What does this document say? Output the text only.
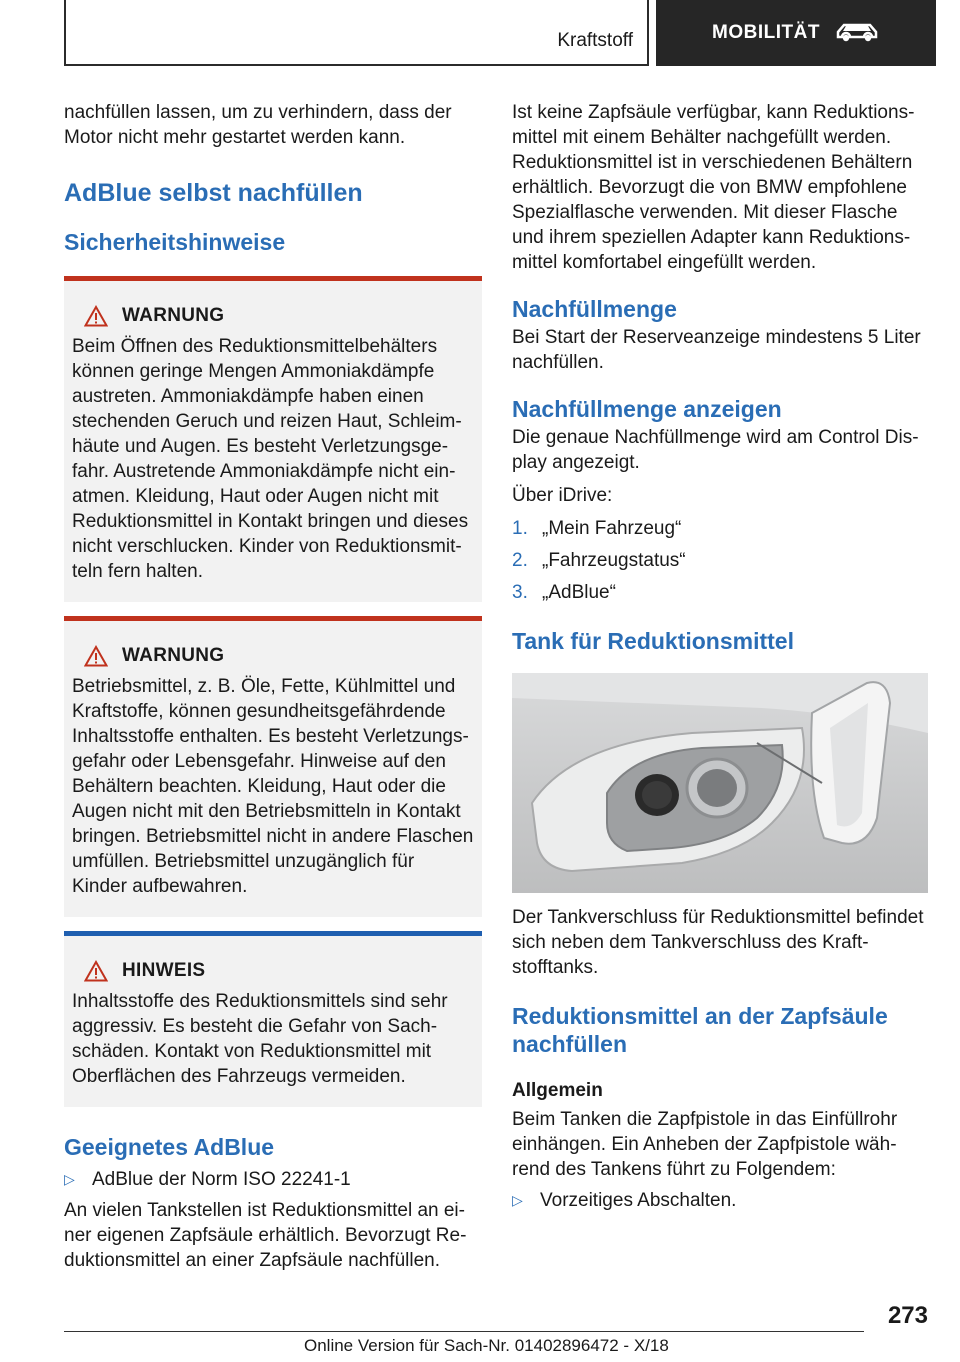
Kraftstoff	MOBILITÄT

nachfüllen lassen, um zu verhindern, dass der Motor nicht mehr gestartet werden kann.

AdBlue selbst nachfüllen
Sicherheitshinweise
WARNUNG

Beim Öffnen des Reduktionsmittelbehälters können geringe Mengen Ammoniakdämpfe austreten. Ammoniakdämpfe haben einen stechenden Geruch und reizen Haut, Schleimhäute und Augen. Es besteht Verletzungsgefahr. Austretende Ammoniakdämpfe nicht einatmen. Kleidung, Haut oder Augen nicht mit Reduktionsmittel in Kontakt bringen und dieses nicht verschlucken. Kinder von Reduktionsmitteln fern halten.

WARNUNG

Betriebsmittel, z. B. Öle, Fette, Kühlmittel und Kraftstoffe, können gesundheitsgefährdende Inhaltsstoffe enthalten. Es besteht Verletzungsgefahr oder Lebensgefahr. Hinweise auf den Behältern beachten. Kleidung, Haut oder die Augen nicht mit den Betriebsmitteln in Kontakt bringen. Betriebsmittel nicht in andere Flaschen umfüllen. Betriebsmittel unzugänglich für Kinder aufbewahren.

HINWEIS

Inhaltsstoffe des Reduktionsmittels sind sehr aggressiv. Es besteht die Gefahr von Sachschäden. Kontakt von Reduktionsmittel mit Oberflächen des Fahrzeugs vermeiden.

Geeignetes AdBlue
▷ AdBlue der Norm ISO 22241-1

An vielen Tankstellen ist Reduktionsmittel an einer eigenen Zapfsäule erhältlich. Bevorzugt Reduktionsmittel an einer Zapfsäule nachfüllen.

Ist keine Zapfsäule verfügbar, kann Reduktionsmittel mit einem Behälter nachgefüllt werden. Reduktionsmittel ist in verschiedenen Behältern erhältlich. Bevorzugt die von BMW empfohlene Spezialflasche verwenden. Mit dieser Flasche und ihrem speziellen Adapter kann Reduktionsmittel komfortabel eingefüllt werden.

Nachfüllmenge

Bei Start der Reserveanzeige mindestens 5 Liter nachfüllen.

Nachfüllmenge anzeigen

Die genaue Nachfüllmenge wird am Control Display angezeigt.

Über iDrive:

1. „Mein Fahrzeug“
2. „Fahrzeugstatus“
3. „AdBlue“
Tank für Reduktionsmittel

Der Tankverschluss für Reduktionsmittel befindet sich neben dem Tankverschluss des Kraftstofftanks.

Reduktionsmittel an der Zapfsäule nachfüllen
Allgemein

Beim Tanken die Zapfpistole in das Einfüllrohr einhängen. Ein Anheben der Zapfpistole während des Tankens führt zu Folgendem:

▷ Vorzeitiges Abschalten.
273
Online Version für Sach-Nr. 01402896472 - X/18
